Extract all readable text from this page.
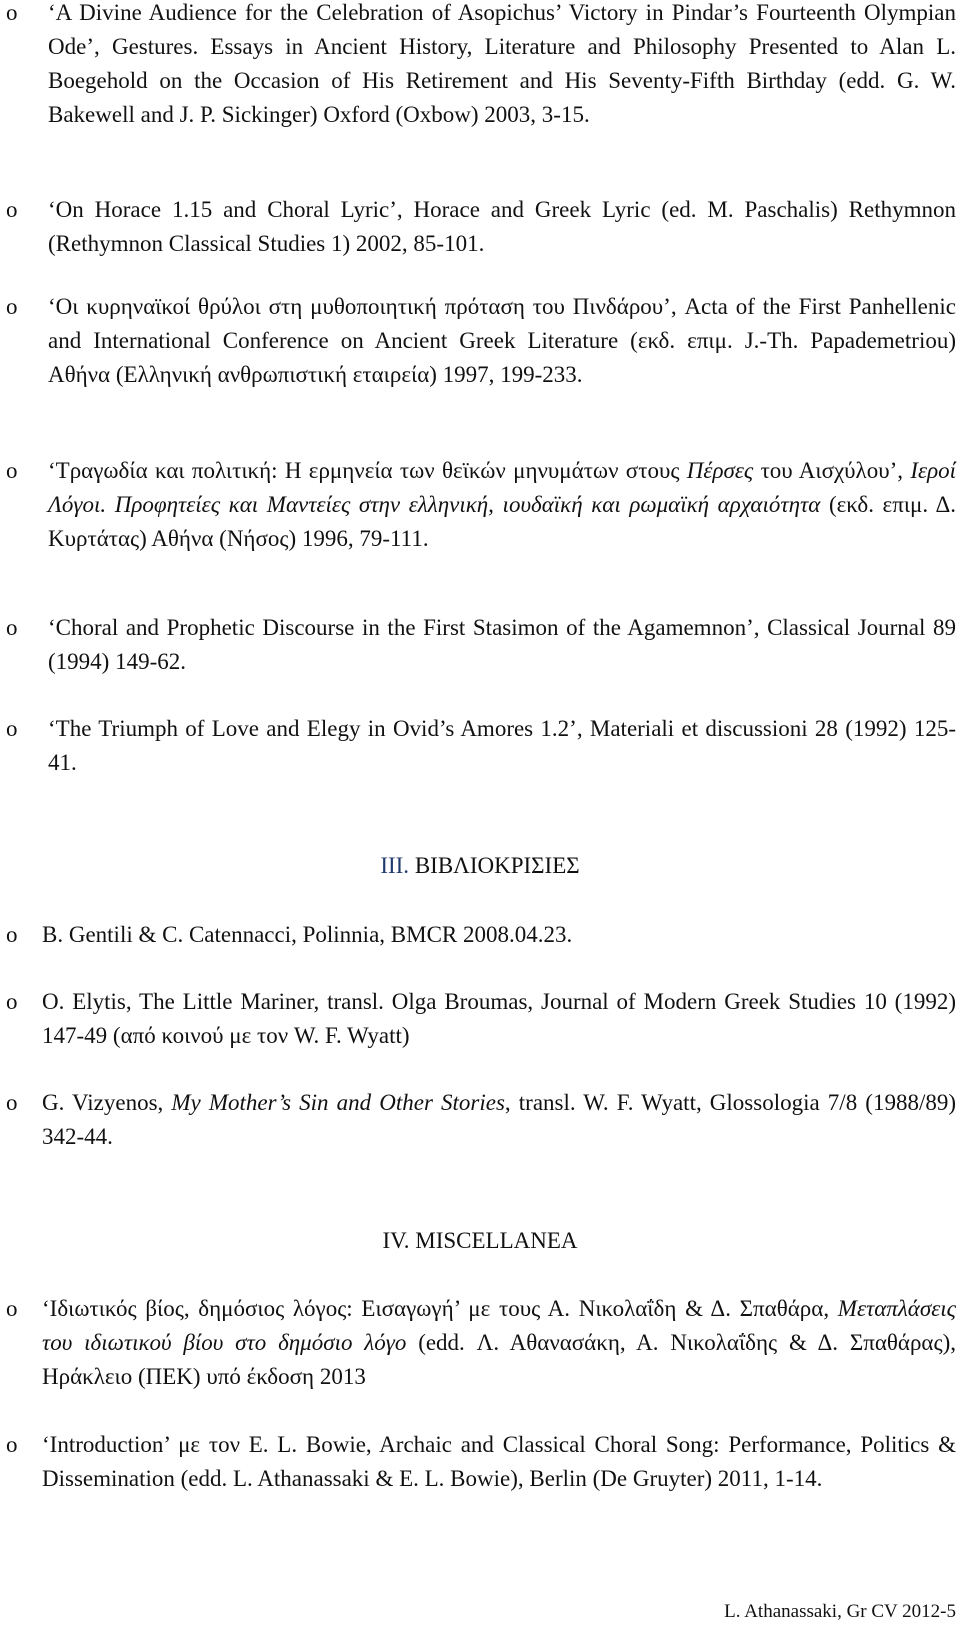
o ‘A Divine Audience for the Celebration of Asopichus’ Victory in Pindar’s Fourteenth Olympian Ode’, Gestures. Essays in Ancient History, Literature and Philosophy Presented to Alan L. Boegehold on the Occasion of His Retirement and His Seventy-Fifth Birthday (edd. G. W. Bakewell and J. P. Sickinger) Oxford (Oxbow) 2003, 3-15.
o ‘On Horace 1.15 and Choral Lyric’, Horace and Greek Lyric (ed. M. Paschalis) Rethymnon (Rethymnon Classical Studies 1) 2002, 85-101.
o ‘Οι κυρηναϊκοί θρύλοι στη μυθοποιητική πρόταση του Πινδάρου’, Acta of the First Panhellenic and International Conference on Ancient Greek Literature (εκδ. επιμ. J.-Th. Papademetriou) Αθήνα (Ελληνική ανθρωπιστική εταιρεία) 1997, 199-233.
o ‘Τραγωδία και πολιτική: Η ερμηνεία των θεϊκών μηνυμάτων στους Πέρσες του Αισχύλου’, Ιεροί Λόγοι. Προφητείες και Μαντείες στην ελληνική, ιουδαϊκή και ρωμαϊκή αρχαιότητα (εκδ. επιμ. Δ. Κυρτάτας) Αθήνα (Νήσος) 1996, 79-111.
o ‘Choral and Prophetic Discourse in the First Stasimon of the Agamemnon’, Classical Journal 89 (1994) 149-62.
o ‘The Triumph of Love and Elegy in Ovid’s Amores 1.2’, Materiali et discussioni 28 (1992) 125-41.
III. ΒΙΒΛΙΟΚΡΙΣΙΕΣ
o B. Gentili & C. Catennacci, Polinnia, BMCR 2008.04.23.
o O. Elytis, The Little Mariner, transl. Olga Broumas, Journal of Modern Greek Studies 10 (1992) 147-49 (από κοινού με τον W. F. Wyatt)
o G. Vizyenos, My Mother’s Sin and Other Stories, transl. W. F. Wyatt, Glossologia 7/8 (1988/89) 342-44.
IV. MISCELLANEA
o ‘Ιδιωτικός βίος, δημόσιος λόγος: Εισαγωγή’ με τους Α. Νικολαΐδη & Δ. Σπαθάρα, Μεταπλάσεις του ιδιωτικού βίου στο δημόσιο λόγο (edd. Λ. Αθανασάκη, Α. Νικολαΐδης & Δ. Σπαθάρας), Ηράκλειο (ΠΕΚ) υπό έκδοση 2013
o ‘Introduction’ με τον E. L. Bowie, Archaic and Classical Choral Song: Performance, Politics & Dissemination (edd. L. Athanassaki & E. L. Bowie), Berlin (De Gruyter) 2011, 1-14.
L. Athanassaki, Gr CV 2012-5
